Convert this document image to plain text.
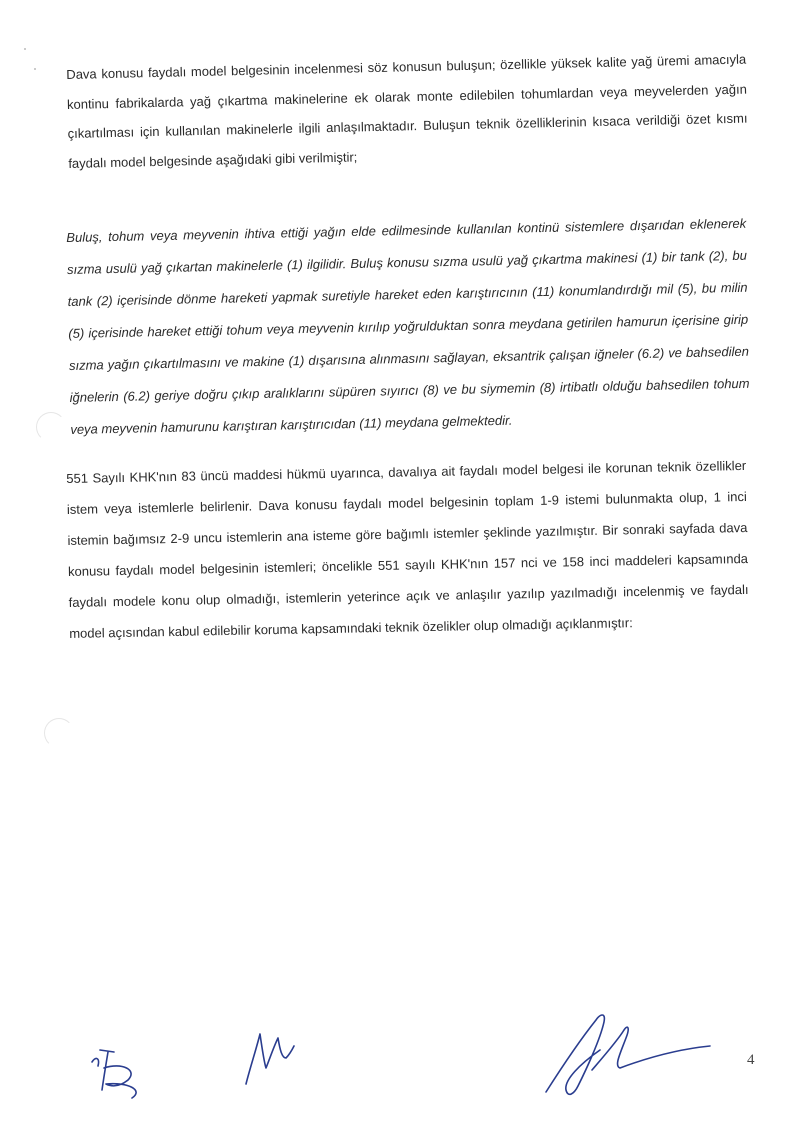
Dava konusu faydalı model belgesinin incelenmesi söz konusun buluşun; özellikle yüksek kalite yağ üremi amacıyla kontinu fabrikalarda yağ çıkartma makinelerine ek olarak monte edilebilen tohumlardan veya meyvelerden yağın çıkartılması için kullanılan makinelerle ilgili anlaşılmaktadır. Buluşun teknik özelliklerinin kısaca verildiği özet kısmı faydalı model belgesinde aşağıdaki gibi verilmiştir;

Buluş, tohum veya meyvenin ihtiva ettiği yağın elde edilmesinde kullanılan kontinü sistemlere dışarıdan eklenerek sızma usulü yağ çıkartan makinelerle (1) ilgilidir. Buluş konusu sızma usulü yağ çıkartma makinesi (1) bir tank (2), bu tank (2) içerisinde dönme hareketi yapmak suretiyle hareket eden karıştırıcının (11) konumlandırdığı mil (5), bu milin (5) içerisinde hareket ettiği tohum veya meyvenin kırılıp yoğrulduktan sonra meydana getirilen hamurun içerisine girip sızma yağın çıkartılmasını ve makine (1) dışarısına alınmasını sağlayan, eksantrik çalışan iğneler (6.2) ve bahsedilen iğnelerin (6.2) geriye doğru çıkıp aralıklarını süpüren sıyırıcı (8) ve bu siymemin (8) irtibatlı olduğu bahsedilen tohum veya meyvenin hamurunu karıştıran karıştırıcıdan (11) meydana gelmektedir.

551 Sayılı KHK'nın 83 üncü maddesi hükmü uyarınca, davalıya ait faydalı model belgesi ile korunan teknik özellikler istem veya istemlerle belirlenir. Dava konusu faydalı model belgesinin toplam 1-9 istemi bulunmakta olup, 1 inci istemin bağımsız 2-9 uncu istemlerin ana isteme göre bağımlı istemler şeklinde yazılmıştır. Bir sonraki sayfada dava konusu faydalı model belgesinin istemleri; öncelikle 551 sayılı KHK'nın 157 nci ve 158 inci maddeleri kapsamında faydalı modele konu olup olmadığı, istemlerin yeterince açık ve anlaşılır yazılıp yazılmadığı incelenmiş ve faydalı model açısından kabul edilebilir koruma kapsamındaki teknik özelikler olup olmadığı açıklanmıştır:

4
